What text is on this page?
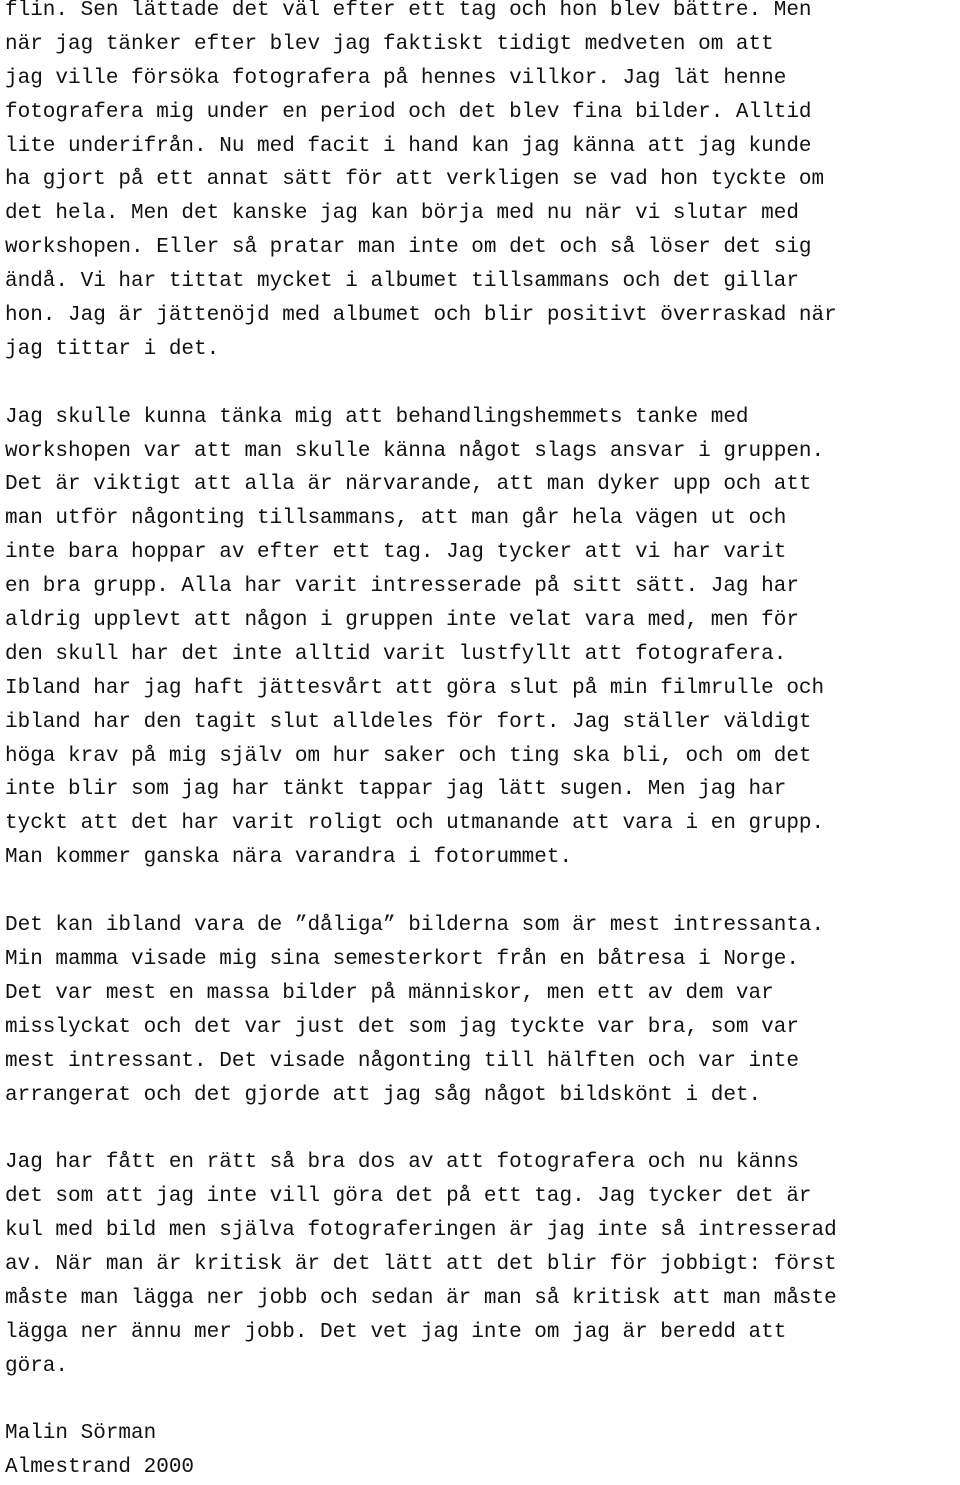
flin. Sen lättade det väl efter ett tag och hon blev bättre. Men
när jag tänker efter blev jag faktiskt tidigt medveten om att
jag ville försöka fotografera på hennes villkor. Jag lät henne
fotografera mig under en period och det blev fina bilder. Alltid
lite underifrån. Nu med facit i hand kan jag känna att jag kunde
ha gjort på ett annat sätt för att verkligen se vad hon tyckte om
det hela. Men det kanske jag kan börja med nu när vi slutar med
workshopen. Eller så pratar man inte om det och så löser det sig
ändå. Vi har tittat mycket i albumet tillsammans och det gillar
hon. Jag är jättenöjd med albumet och blir positivt överraskad när
jag tittar i det.
Jag skulle kunna tänka mig att behandlingshemmets tanke med
workshopen var att man skulle känna något slags ansvar i gruppen.
Det är viktigt att alla är närvarande, att man dyker upp och att
man utför någonting tillsammans, att man går hela vägen ut och
inte bara hoppar av efter ett tag. Jag tycker att vi har varit
en bra grupp. Alla har varit intresserade på sitt sätt. Jag har
aldrig upplevt att någon i gruppen inte velat vara med, men för
den skull har det inte alltid varit lustfyllt att fotografera.
Ibland har jag haft jättesvårt att göra slut på min filmrulle och
ibland har den tagit slut alldeles för fort. Jag ställer väldigt
höga krav på mig själv om hur saker och ting ska bli, och om det
inte blir som jag har tänkt tappar jag lätt sugen. Men jag har
tyckt att det har varit roligt och utmanande att vara i en grupp.
Man kommer ganska nära varandra i fotorummet.
Det kan ibland vara de ”dåliga” bilderna som är mest intressanta.
Min mamma visade mig sina semesterkort från en båtresa i Norge.
Det var mest en massa bilder på människor, men ett av dem var
misslyckat och det var just det som jag tyckte var bra, som var
mest intressant. Det visade någonting till hälften och var inte
arrangerat och det gjorde att jag såg något bildskönt i det.
Jag har fått en rätt så bra dos av att fotografera och nu känns
det som att jag inte vill göra det på ett tag. Jag tycker det är
kul med bild men själva fotograferingen är jag inte så intresserad
av. När man är kritisk är det lätt att det blir för jobbigt: först
måste man lägga ner jobb och sedan är man så kritisk att man måste
lägga ner ännu mer jobb. Det vet jag inte om jag är beredd att
göra.
Malin Sörman
Almestrand 2000
